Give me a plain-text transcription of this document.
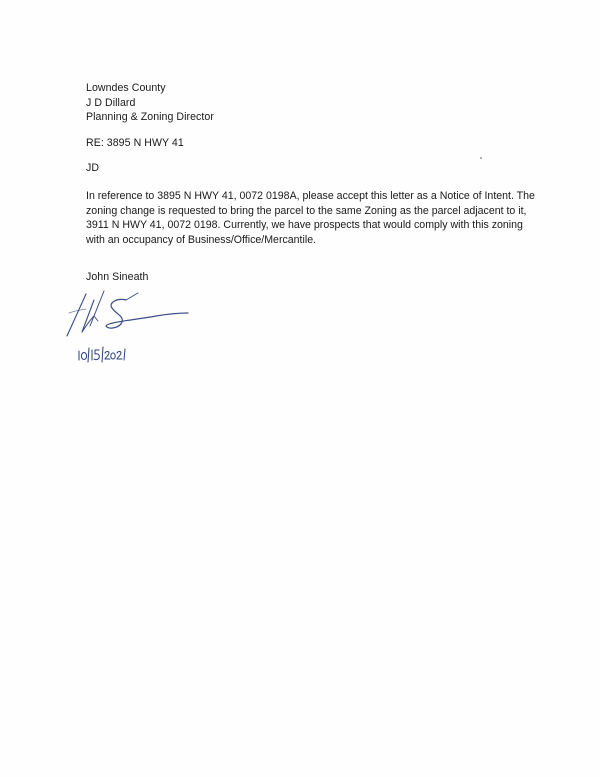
Lowndes County
J D Dillard
Planning & Zoning Director
RE: 3895 N HWY 41
JD
In reference to 3895 N HWY 41, 0072 0198A, please accept this letter as a Notice of Intent. The
zoning change is requested to bring the parcel to the same Zoning as the parcel adjacent to it,
3911 N HWY 41, 0072 0198. Currently, we have prospects that would comply with this zoning
with an occupancy of Business/Office/Mercantile.
John Sineath
